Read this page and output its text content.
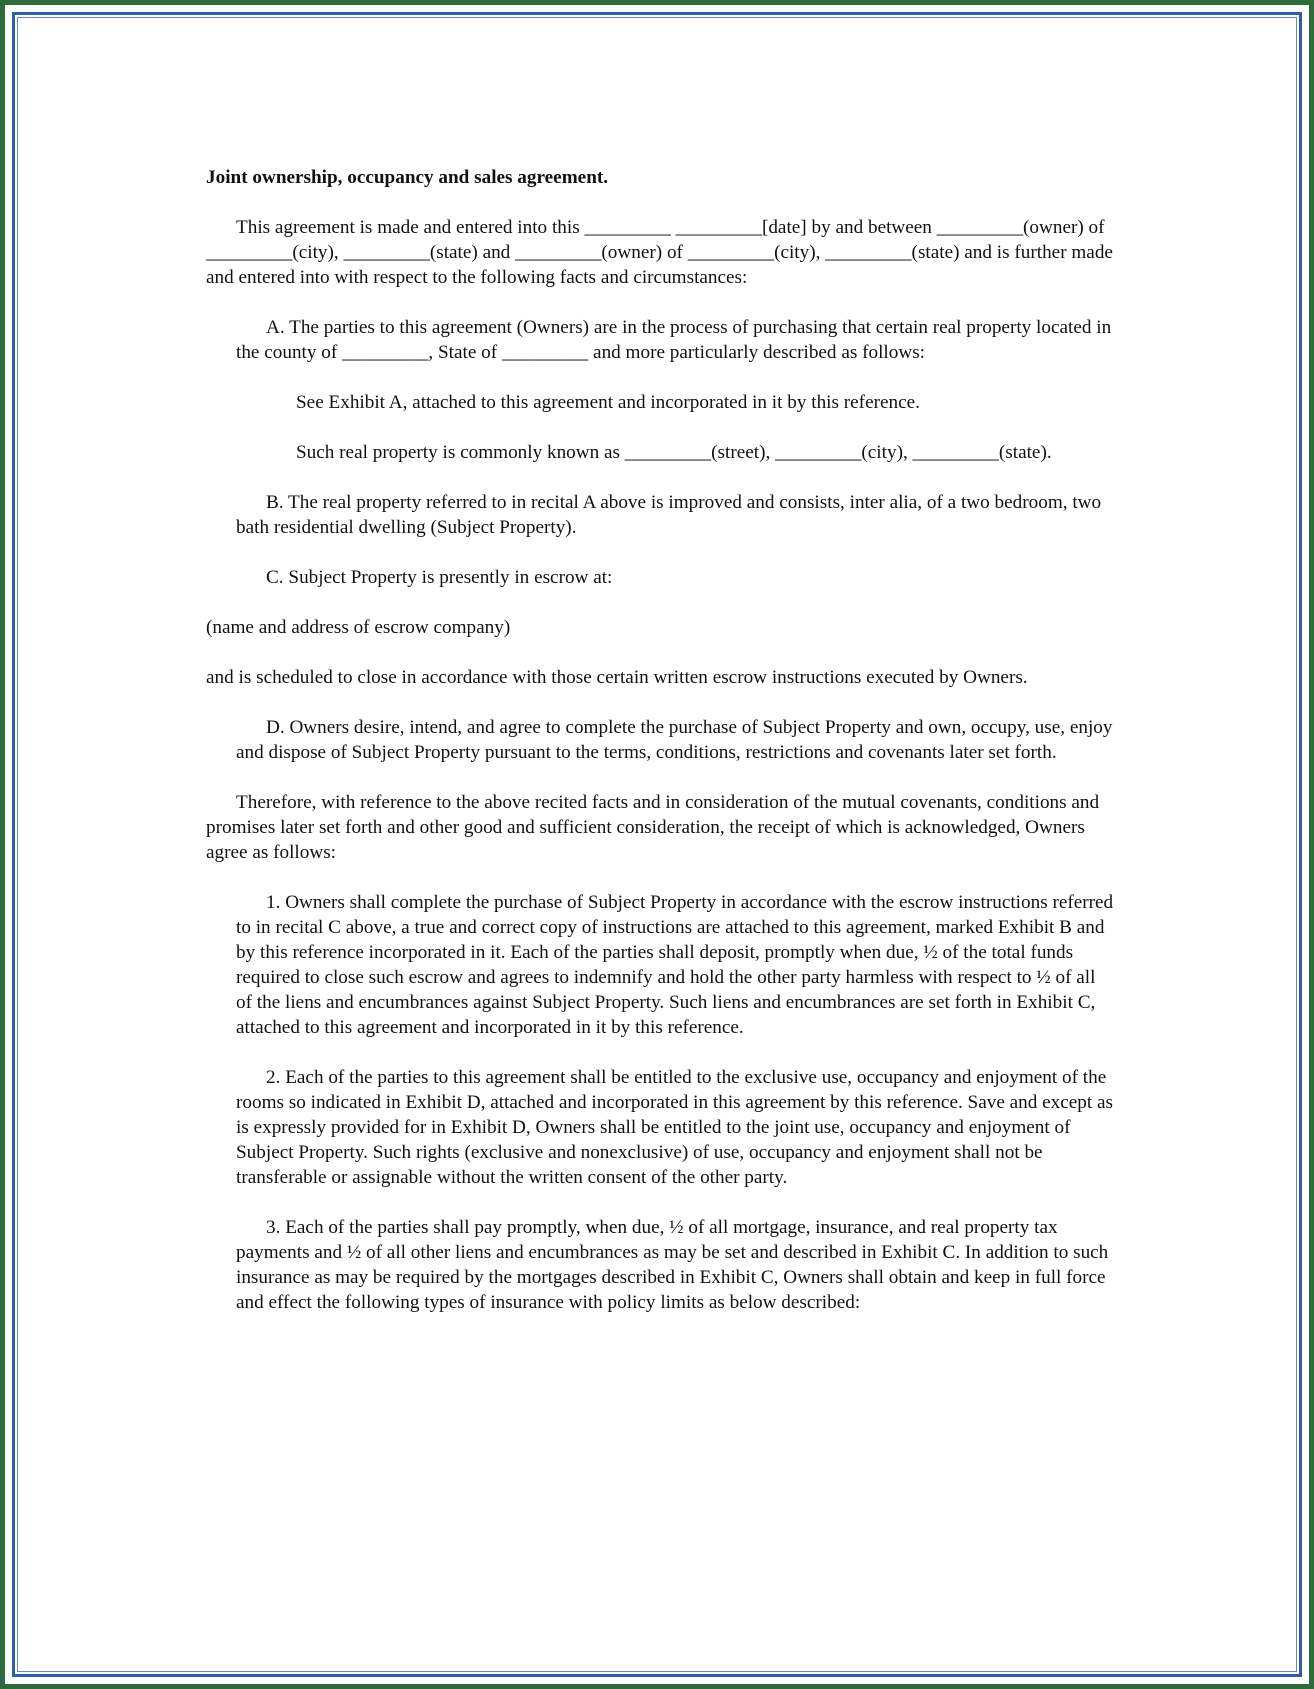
Joint ownership, occupancy and sales agreement.

This agreement is made and entered into this _________ _________[date] by and between _________(owner) of _________(city), _________(state) and _________(owner) of _________(city), _________(state) and is further made and entered into with respect to the following facts and circumstances:

A. The parties to this agreement (Owners) are in the process of purchasing that certain real property located in the county of _________, State of _________ and more particularly described as follows:

See Exhibit A, attached to this agreement and incorporated in it by this reference.

Such real property is commonly known as _________(street), _________(city), _________(state).

B. The real property referred to in recital A above is improved and consists, inter alia, of a two bedroom, two bath residential dwelling (Subject Property).

C. Subject Property is presently in escrow at:

(name and address of escrow company)

and is scheduled to close in accordance with those certain written escrow instructions executed by Owners.

D. Owners desire, intend, and agree to complete the purchase of Subject Property and own, occupy, use, enjoy and dispose of Subject Property pursuant to the terms, conditions, restrictions and covenants later set forth.

Therefore, with reference to the above recited facts and in consideration of the mutual covenants, conditions and promises later set forth and other good and sufficient consideration, the receipt of which is acknowledged, Owners agree as follows:

1. Owners shall complete the purchase of Subject Property in accordance with the escrow instructions referred to in recital C above, a true and correct copy of instructions are attached to this agreement, marked Exhibit B and by this reference incorporated in it. Each of the parties shall deposit, promptly when due, ½ of the total funds required to close such escrow and agrees to indemnify and hold the other party harmless with respect to ½ of all of the liens and encumbrances against Subject Property. Such liens and encumbrances are set forth in Exhibit C, attached to this agreement and incorporated in it by this reference.

2. Each of the parties to this agreement shall be entitled to the exclusive use, occupancy and enjoyment of the rooms so indicated in Exhibit D, attached and incorporated in this agreement by this reference. Save and except as is expressly provided for in Exhibit D, Owners shall be entitled to the joint use, occupancy and enjoyment of Subject Property. Such rights (exclusive and nonexclusive) of use, occupancy and enjoyment shall not be transferable or assignable without the written consent of the other party.

3. Each of the parties shall pay promptly, when due, ½ of all mortgage, insurance, and real property tax payments and ½ of all other liens and encumbrances as may be set and described in Exhibit C. In addition to such insurance as may be required by the mortgages described in Exhibit C, Owners shall obtain and keep in full force and effect the following types of insurance with policy limits as below described:
